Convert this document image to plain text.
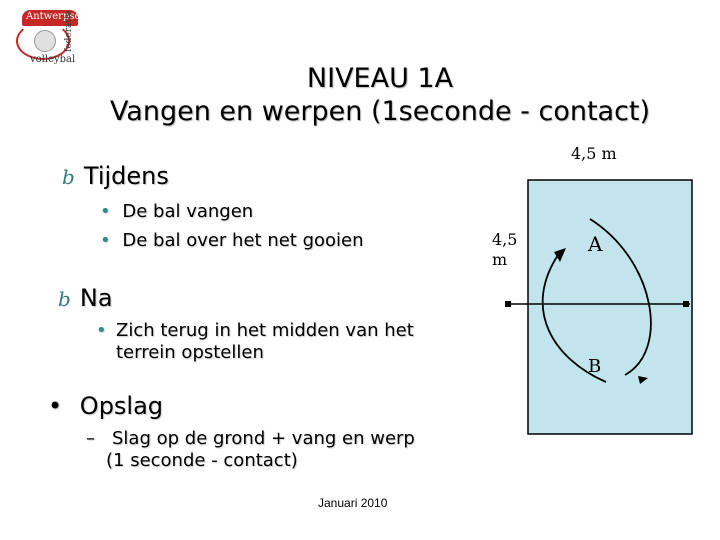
Antwerpse
federatie
volleybal
NIVEAU 1A
Vangen en werpen (1seconde - contact)
b Tijdens
• De bal vangen
• De bal over het net gooien
b Na
• Zich terug in het midden van het terrein opstellen
• Opslag
– Slag op de grond + vang en werp
(1 seconde - contact)
4,5 m
4,5
m
A
B
Januari 2010
